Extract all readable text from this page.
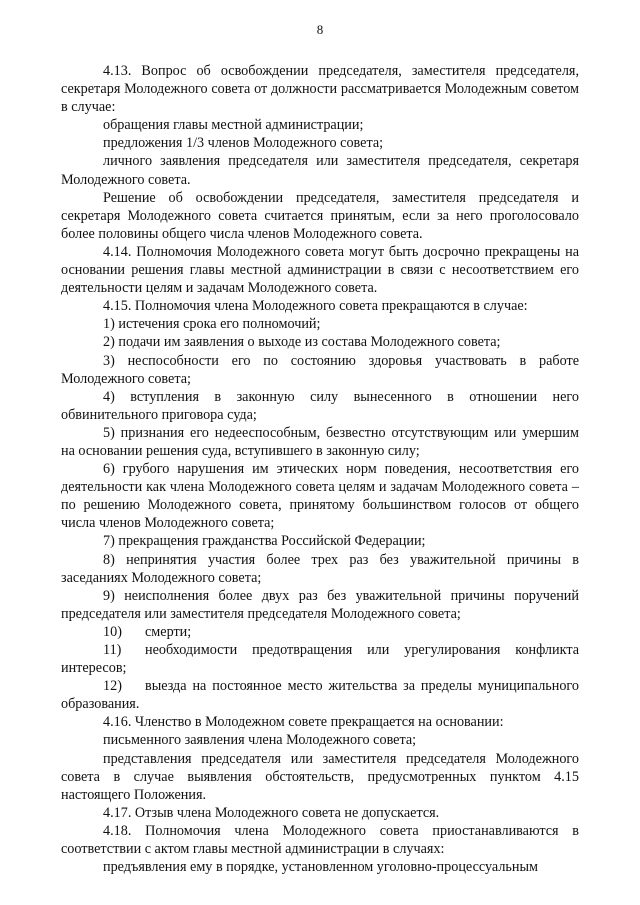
8

4.13. Вопрос об освобождении председателя, заместителя председателя, секретаря Молодежного совета от должности рассматривается Молодежным советом в случае:

обращения главы местной администрации;

предложения 1/3 членов Молодежного совета;

личного заявления председателя или заместителя председателя, секретаря Молодежного совета.

Решение об освобождении председателя, заместителя председателя и секретаря Молодежного совета считается принятым, если за него проголосовало более половины общего числа членов Молодежного совета.

4.14. Полномочия Молодежного совета могут быть досрочно прекращены на основании решения главы местной администрации в связи с несоответствием его деятельности целям и задачам Молодежного совета.

4.15. Полномочия члена Молодежного совета прекращаются в случае:

1) истечения срока его полномочий;

2) подачи им заявления о выходе из состава Молодежного совета;

3) неспособности его по состоянию здоровья участвовать в работе Молодежного совета;

4) вступления в законную силу вынесенного в отношении него обвинительного приговора суда;

5) признания его недееспособным, безвестно отсутствующим или умершим на основании решения суда, вступившего в законную силу;

6) грубого нарушения им этических норм поведения, несоответствия его деятельности как члена Молодежного совета целям и задачам Молодежного совета – по решению Молодежного совета, принятому большинством голосов от общего числа членов Молодежного совета;

7) прекращения гражданства Российской Федерации;

8) непринятия участия более трех раз без уважительной причины в заседаниях Молодежного совета;

9) неисполнения более двух раз без уважительной причины поручений председателя или заместителя председателя Молодежного совета;

10) смерти;

11) необходимости предотвращения или урегулирования конфликта интересов;

12) выезда на постоянное место жительства за пределы муниципального образования.

4.16. Членство в Молодежном совете прекращается на основании:

письменного заявления члена Молодежного совета;

представления председателя или заместителя председателя Молодежного совета в случае выявления обстоятельств, предусмотренных пунктом 4.15 настоящего Положения.

4.17. Отзыв члена Молодежного совета не допускается.

4.18. Полномочия члена Молодежного совета приостанавливаются в соответствии с актом главы местной администрации в случаях:

предъявления ему в порядке, установленном уголовно-процессуальным
